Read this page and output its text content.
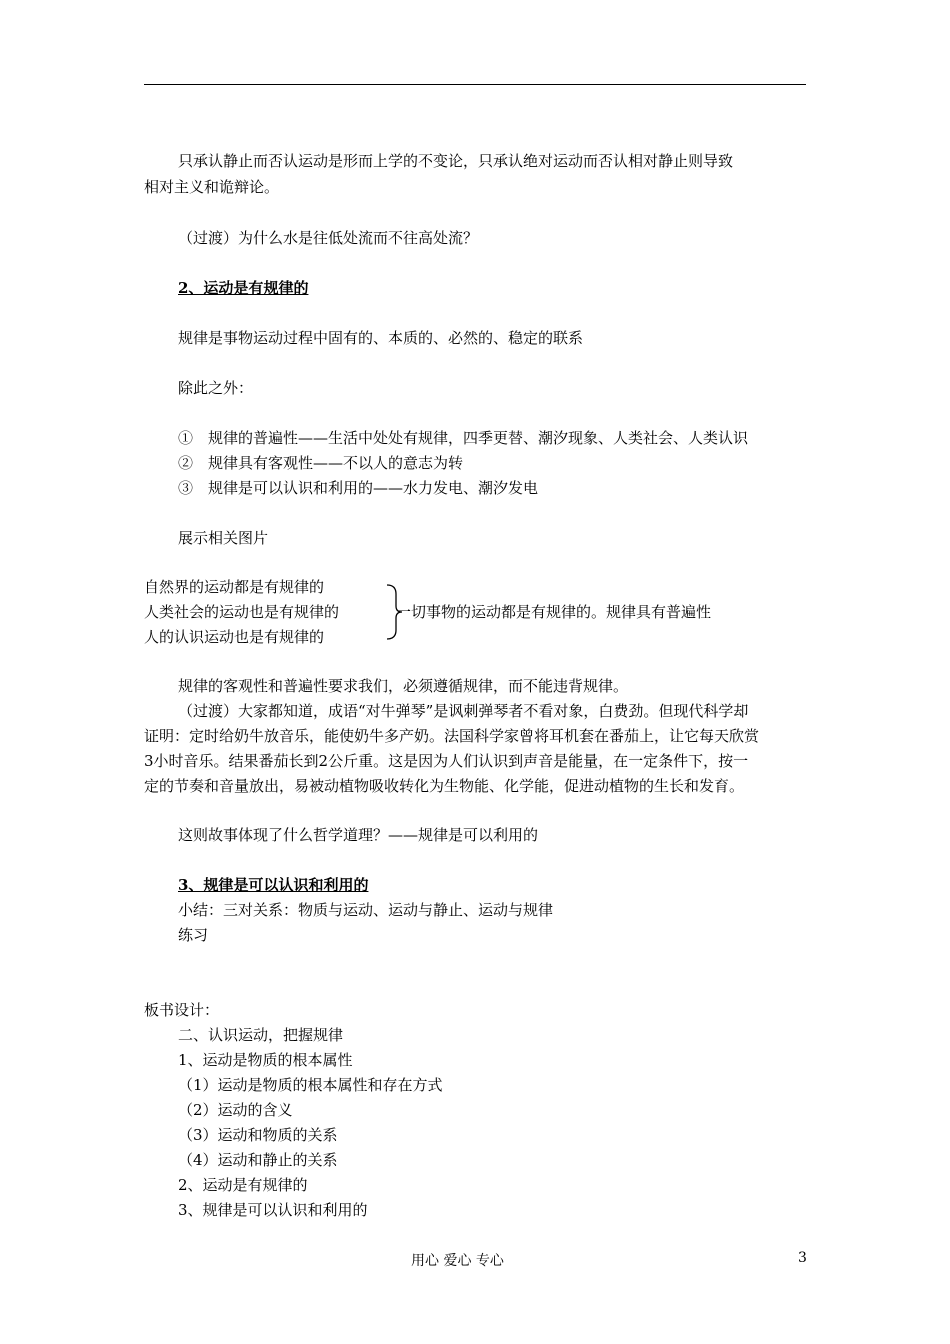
只承认静止而否认运动是形而上学的不变论，只承认绝对运动而否认相对静止则导致
相对主义和诡辩论。
（过渡）为什么水是往低处流而不往高处流？
2、运动是有规律的
规律是事物运动过程中固有的、本质的、必然的、稳定的联系
除此之外：
①　规律的普遍性——生活中处处有规律，四季更替、潮汐现象、人类社会、人类认识
②　规律具有客观性——不以人的意志为转
③　规律是可以认识和利用的——水力发电、潮汐发电
展示相关图片
自然界的运动都是有规律的
人类社会的运动也是有规律的
人的认识运动也是有规律的
一切事物的运动都是有规律的。规律具有普遍性
规律的客观性和普遍性要求我们，必须遵循规律，而不能违背规律。
（过渡）大家都知道，成语“对牛弹琴”是讽刺弹琴者不看对象，白费劲。但现代科学却
证明：定时给奶牛放音乐，能使奶牛多产奶。法国科学家曾将耳机套在番茄上，让它每天欣赏
3小时音乐。结果番茄长到2公斤重。这是因为人们认识到声音是能量，在一定条件下，按一
定的节奏和音量放出，易被动植物吸收转化为生物能、化学能，促进动植物的生长和发育。
这则故事体现了什么哲学道理？——规律是可以利用的
3、规律是可以认识和利用的
小结：三对关系：物质与运动、运动与静止、运动与规律
练习
板书设计：
二、认识运动，把握规律
1、运动是物质的根本属性
（1）运动是物质的根本属性和存在方式
（2）运动的含义
（3）运动和物质的关系
（4）运动和静止的关系
2、运动是有规律的
3、规律是可以认识和利用的
用心 爱心 专心	3
